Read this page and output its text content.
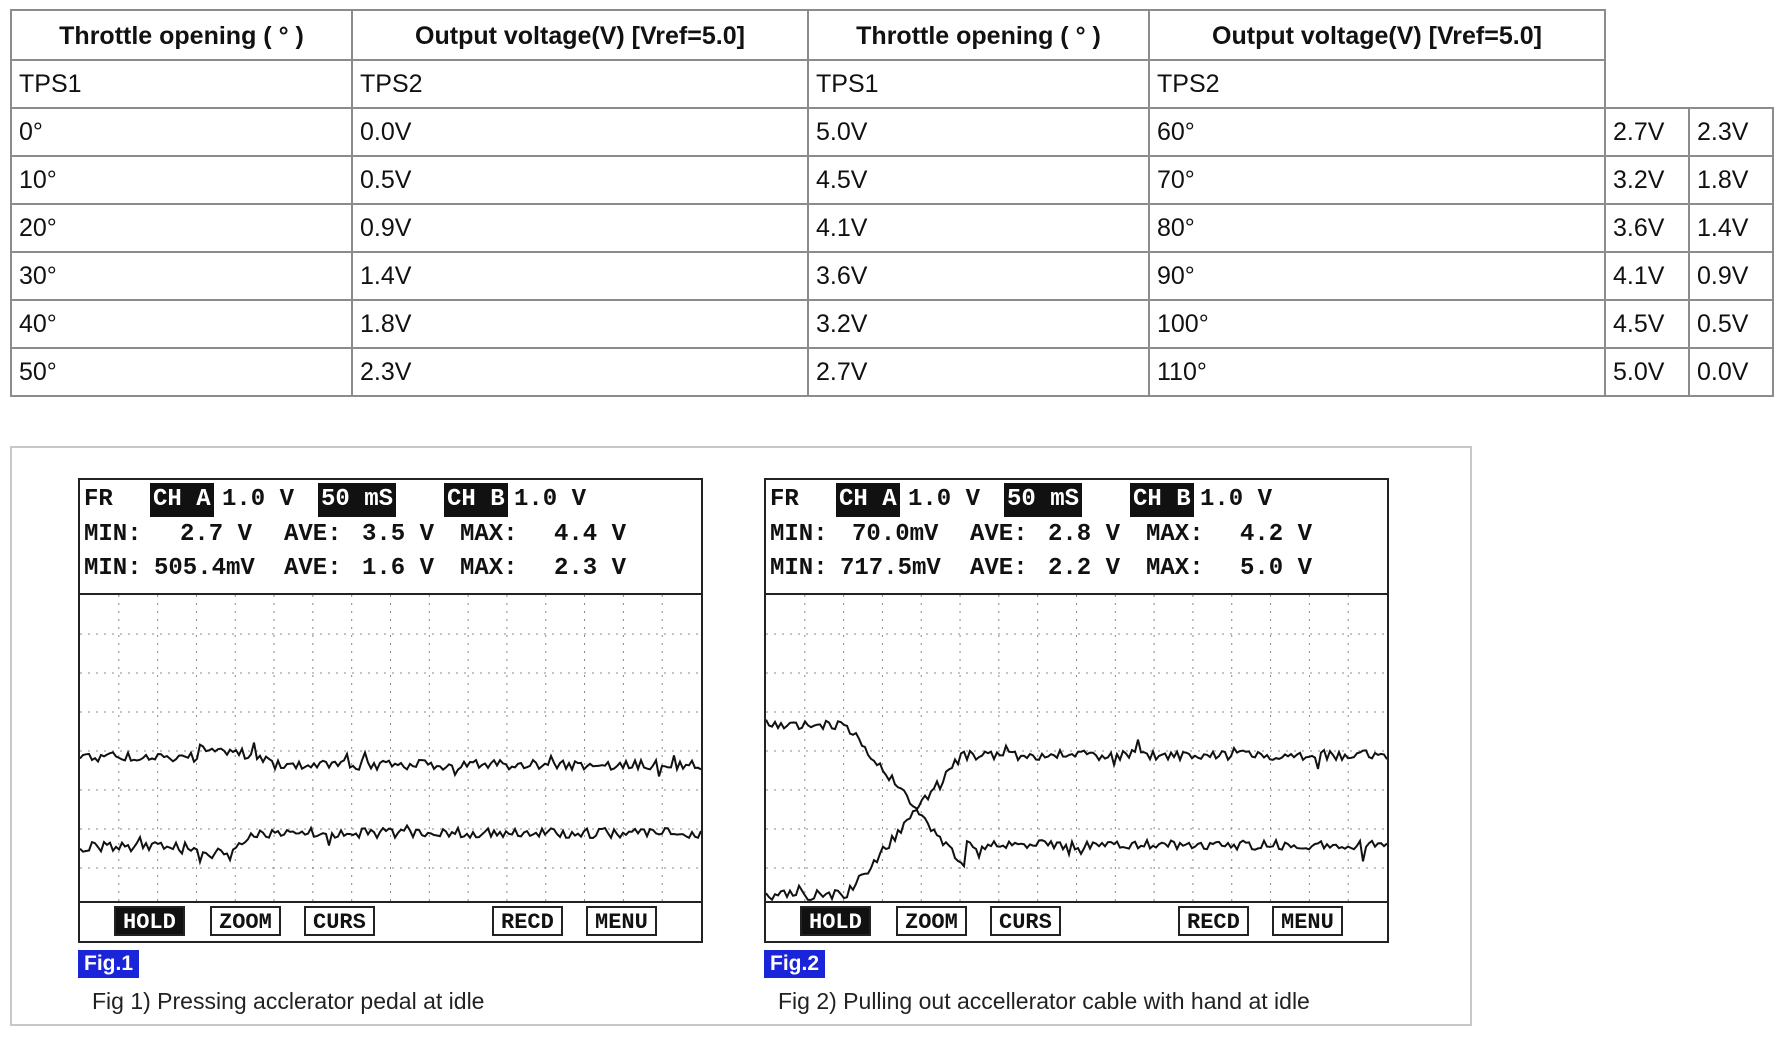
Throttle opening ( ° )	Output voltage(V) [Vref=5.0]	Throttle opening ( ° )	Output voltage(V) [Vref=5.0]		
TPS1	TPS2	TPS1	TPS2		
0°	0.0V	5.0V	60°	2.7V	2.3V
10°	0.5V	4.5V	70°	3.2V	1.8V
20°	0.9V	4.1V	80°	3.6V	1.4V
30°	1.4V	3.6V	90°	4.1V	0.9V
40°	1.8V	3.2V	100°	4.5V	0.5V
50°	2.3V	2.7V	110°	5.0V	0.0V
FR CH A 1.0 V 50 mS CH B 1.0 V
MIN: 2.7 V AVE: 3.5 V MAX: 4.4 V
MIN: 505.4mV AVE: 1.6 V MAX: 2.3 V
HOLD	ZOOM	CURS	RECD	MENU
Fig.1
Fig 1) Pressing acclerator pedal at idle
FR CH A 1.0 V 50 mS CH B 1.0 V
MIN: 70.0mV AVE: 2.8 V MAX: 4.2 V
MIN: 717.5mV AVE: 2.2 V MAX: 5.0 V
HOLD	ZOOM	CURS	RECD	MENU
Fig.2
Fig 2) Pulling out accellerator cable with hand at idle
